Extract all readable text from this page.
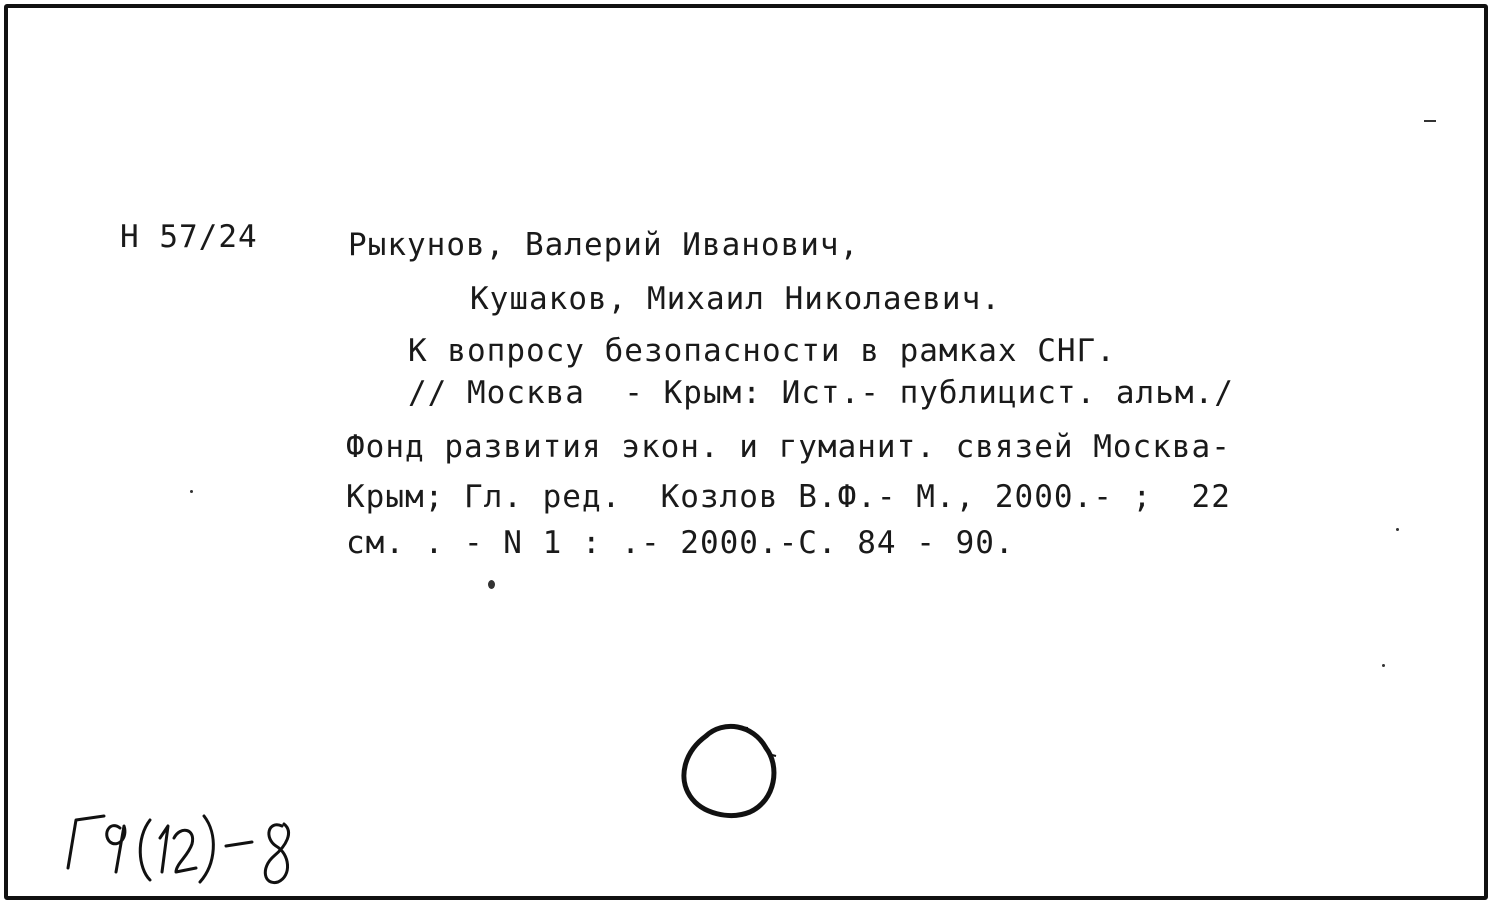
Н 57/24	Рыкунов, Валерий Иванович,
Кушаков, Михаил Николаевич.
К вопросу безопасности в рамках СНГ.
// Москва  - Крым: Ист.- публицист. альм./
Фонд развития экон. и гуманит. связей Москва-
Крым; Гл. ред.  Козлов В.Ф.- М., 2000.- ;  22
см. . - N 1 : .- 2000.-С. 84 - 90.
